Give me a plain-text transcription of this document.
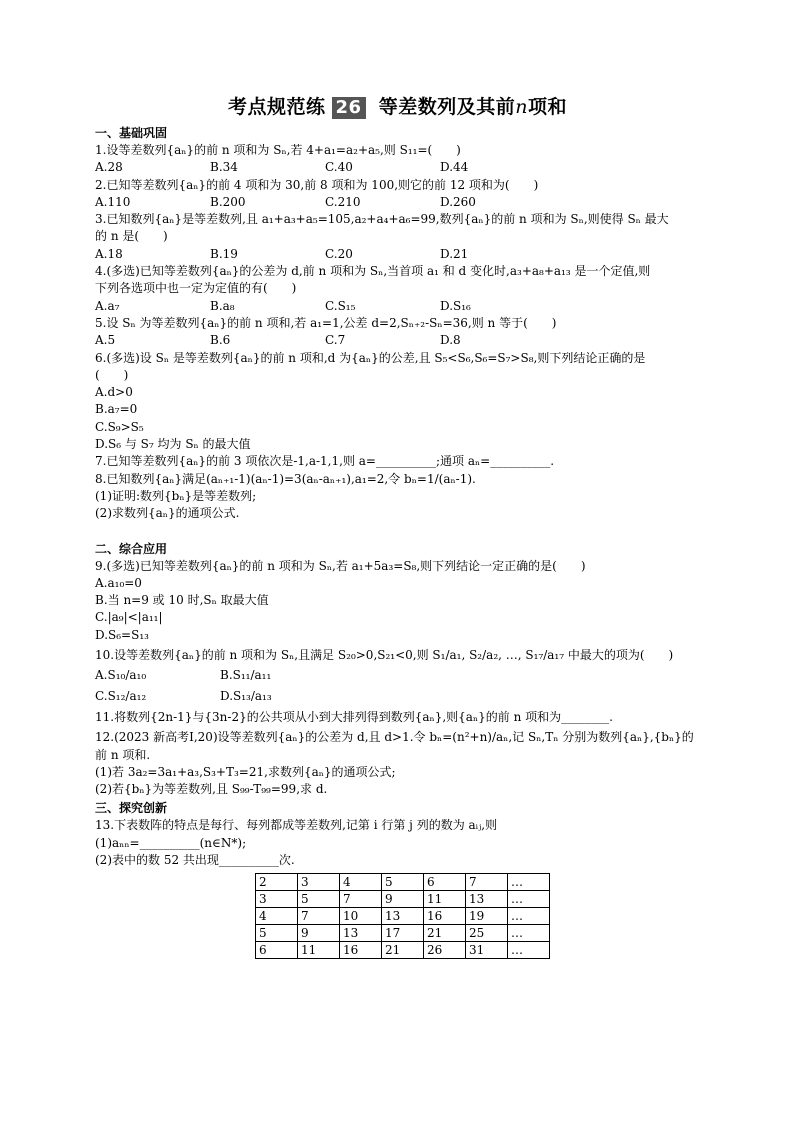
考点规范练 26 等差数列及其前n项和
一、基础巩固
1.设等差数列{aₙ}的前 n 项和为 Sₙ,若 4+a₁=a₂+a₅,则 S₁₁=(　　)
A.28	B.34	C.40	D.44
2.已知等差数列{aₙ}的前 4 项和为 30,前 8 项和为 100,则它的前 12 项和为(　　)
A.110	B.200	C.210	D.260
3.已知数列{aₙ}是等差数列,且 a₁+a₃+a₅=105,a₂+a₄+a₆=99,数列{aₙ}的前 n 项和为 Sₙ,则使得 Sₙ 最大
的 n 是(　　)
A.18	B.19	C.20	D.21
4.(多选)已知等差数列{aₙ}的公差为 d,前 n 项和为 Sₙ,当首项 a₁ 和 d 变化时,a₃+a₈+a₁₃ 是一个定值,则
下列各选项中也一定为定值的有(　　)
A.a₇	B.a₈	C.S₁₅	D.S₁₆
5.设 Sₙ 为等差数列{aₙ}的前 n 项和,若 a₁=1,公差 d=2,Sₙ₊₂-Sₙ=36,则 n 等于(　　)
A.5	B.6	C.7	D.8
6.(多选)设 Sₙ 是等差数列{aₙ}的前 n 项和,d 为{aₙ}的公差,且 S₅<S₆,S₆=S₇>S₈,则下列结论正确的是
(　　)
A.d>0
B.a₇=0
C.S₉>S₅
D.S₆ 与 S₇ 均为 Sₙ 的最大值
7.已知等差数列{aₙ}的前 3 项依次是-1,a-1,1,则 a=__________;通项 aₙ=__________.
8.已知数列{aₙ}满足(aₙ₊₁-1)(aₙ-1)=3(aₙ-aₙ₊₁),a₁=2,令 bₙ=1/(aₙ-1).
(1)证明:数列{bₙ}是等差数列;
(2)求数列{aₙ}的通项公式.
二、综合应用
9.(多选)已知等差数列{aₙ}的前 n 项和为 Sₙ,若 a₁+5a₃=S₈,则下列结论一定正确的是(　　)
A.a₁₀=0
B.当 n=9 或 10 时,Sₙ 取最大值
C.|a₉|<|a₁₁|
D.S₆=S₁₃
10.设等差数列{aₙ}的前 n 项和为 Sₙ,且满足 S₂₀>0,S₂₁<0,则 S₁/a₁, S₂/a₂, …, S₁₇/a₁₇ 中最大的项为(　　)
A.S₁₀/a₁₀	B.S₁₁/a₁₁
C.S₁₂/a₁₂	D.S₁₃/a₁₃
11.将数列{2n-1}与{3n-2}的公共项从小到大排列得到数列{aₙ},则{aₙ}的前 n 项和为________.
12.(2023 新高考Ⅰ,20)设等差数列{aₙ}的公差为 d,且 d>1.令 bₙ=(n²+n)/aₙ,记 Sₙ,Tₙ 分别为数列{aₙ},{bₙ}的
前 n 项和.
(1)若 3a₂=3a₁+a₃,S₃+T₃=21,求数列{aₙ}的通项公式;
(2)若{bₙ}为等差数列,且 S₉₉-T₉₉=99,求 d.
三、探究创新
13.下表数阵的特点是每行、每列都成等差数列,记第 i 行第 j 列的数为 aᵢⱼ,则
(1)aₙₙ=__________(n∈N*);
(2)表中的数 52 共出现__________次.
2	3	4	5	6	7	…
3	5	7	9	11	13	…
4	7	10	13	16	19	…
5	9	13	17	21	25	…
6	11	16	21	26	31	…
